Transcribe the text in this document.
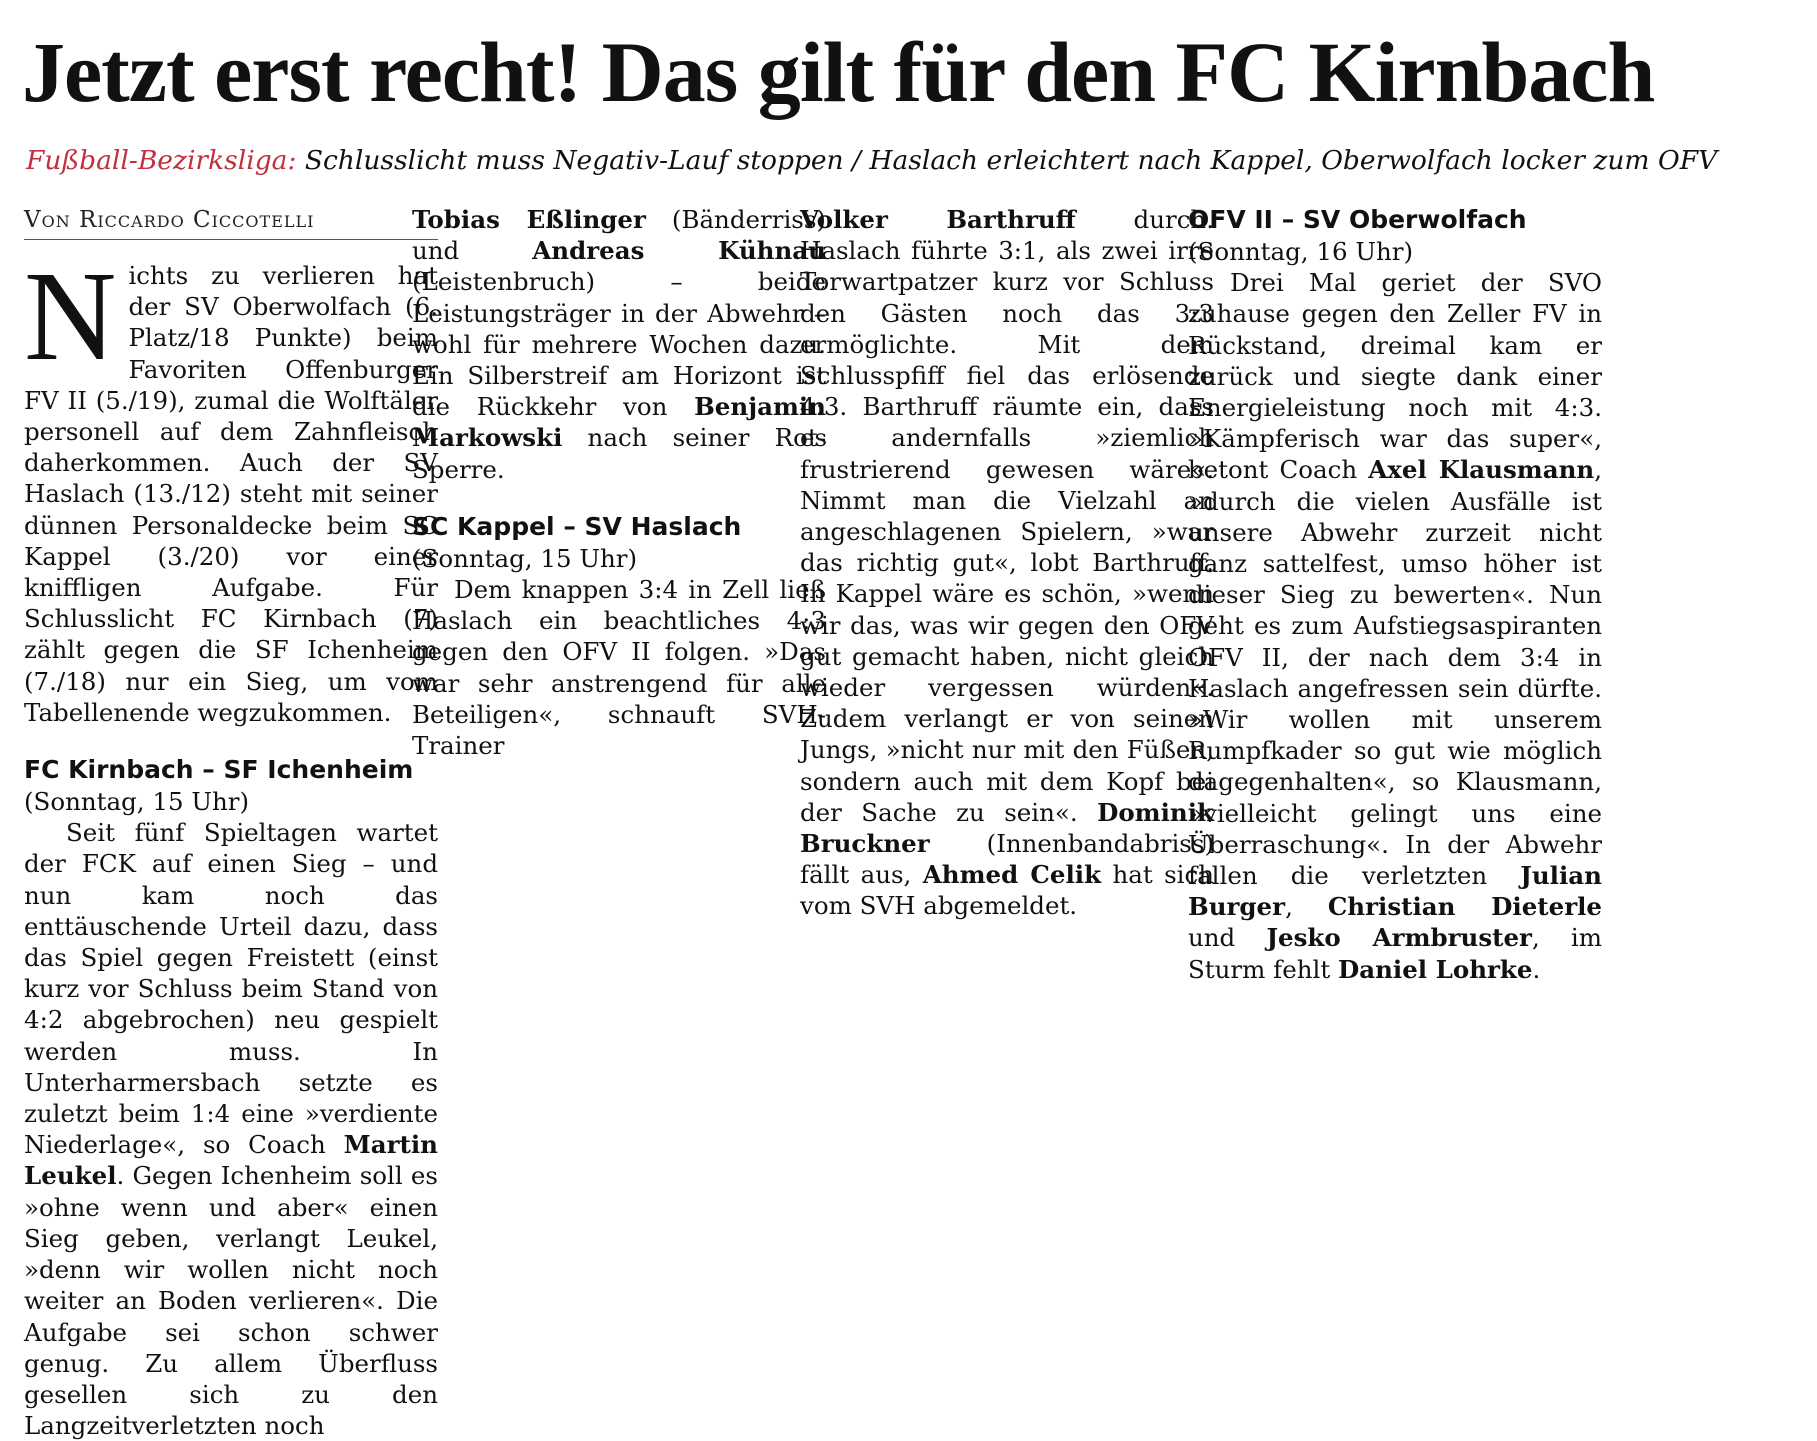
Jetzt erst recht! Das gilt für den FC Kirnbach
Fußball-Bezirksliga: Schlusslicht muss Negativ-Lauf stoppen / Haslach erleichtert nach Kappel, Oberwolfach locker zum OFV
Von Riccardo Ciccotelli

Nichts zu verlieren hat der SV Oberwolfach (6. Platz/18 Punkte) beim Favoriten Offenburger FV II (5./19), zumal die Wolftäler personell auf dem Zahnfleisch daherkommen. Auch der SV Haslach (13./12) steht mit seiner dünnen Personaldecke beim SC Kappel (3./20) vor einer kniffligen Aufgabe. Für Schlusslicht FC Kirnbach (7) zählt gegen die SF Ichenheim (7./18) nur ein Sieg, um vom Tabellenende wegzukommen.

FC Kirnbach – SF Ichenheim

(Sonntag, 15 Uhr)

Seit fünf Spieltagen wartet der FCK auf einen Sieg – und nun kam noch das enttäuschende Urteil dazu, dass das Spiel gegen Freistett (einst kurz vor Schluss beim Stand von 4:2 abgebrochen) neu gespielt werden muss. In Unterharmersbach setzte es zuletzt beim 1:4 eine »verdiente Niederlage«, so Coach Martin Leukel. Gegen Ichenheim soll es »ohne wenn und aber« einen Sieg geben, verlangt Leukel, »denn wir wollen nicht noch weiter an Boden verlieren«. Die Aufgabe sei schon schwer genug. Zu allem Überfluss gesellen sich zu den Langzeitverletzten noch

Tobias Eßlinger (Bänderriss) und Andreas Kühnau (Leistenbruch) – beide Leistungsträger in der Abwehr – wohl für mehrere Wochen dazu. Ein Silberstreif am Horizont ist die Rückkehr von Benjamin Markowski nach seiner Rot-Sperre.

SC Kappel – SV Haslach

(Sonntag, 15 Uhr)

Dem knappen 3:4 in Zell ließ Haslach ein beachtliches 4:3 gegen den OFV II folgen. »Das war sehr anstrengend für alle Beteiligen«, schnauft SVH-Trainer

Volker Barthruff durch. Haslach führte 3:1, als zwei irre Torwartpatzer kurz vor Schluss den Gästen noch das 3:3 ermöglichte. Mit dem Schlusspfiff fiel das erlösende 4:3. Barthruff räumte ein, dass es andernfalls »ziemlich frustrierend gewesen wäre«. Nimmt man die Vielzahl an angeschlagenen Spielern, »war das richtig gut«, lobt Barthruff. In Kappel wäre es schön, »wenn wir das, was wir gegen den OFV gut gemacht haben, nicht gleich wieder vergessen würden«. Zudem verlangt er von seinen Jungs, »nicht nur mit den Füßen, sondern auch mit dem Kopf bei der Sache zu sein«. Dominik Bruckner (Innenbandabriss) fällt aus, Ahmed Celik hat sich vom SVH abgemeldet.

OFV II – SV Oberwolfach

(Sonntag, 16 Uhr)

Drei Mal geriet der SVO zuhause gegen den Zeller FV in Rückstand, dreimal kam er zurück und siegte dank einer Energieleistung noch mit 4:3. »Kämpferisch war das super«, betont Coach Axel Klausmann, »durch die vielen Ausfälle ist unsere Abwehr zurzeit nicht ganz sattelfest, umso höher ist dieser Sieg zu bewerten«. Nun geht es zum Aufstiegsaspiranten OFV II, der nach dem 3:4 in Haslach angefressen sein dürfte. »Wir wollen mit unserem Rumpfkader so gut wie möglich dagegenhalten«, so Klausmann, »vielleicht gelingt uns eine Überraschung«. In der Abwehr fallen die verletzten Julian Burger, Christian Dieterle und Jesko Armbruster, im Sturm fehlt Daniel Lohrke.
